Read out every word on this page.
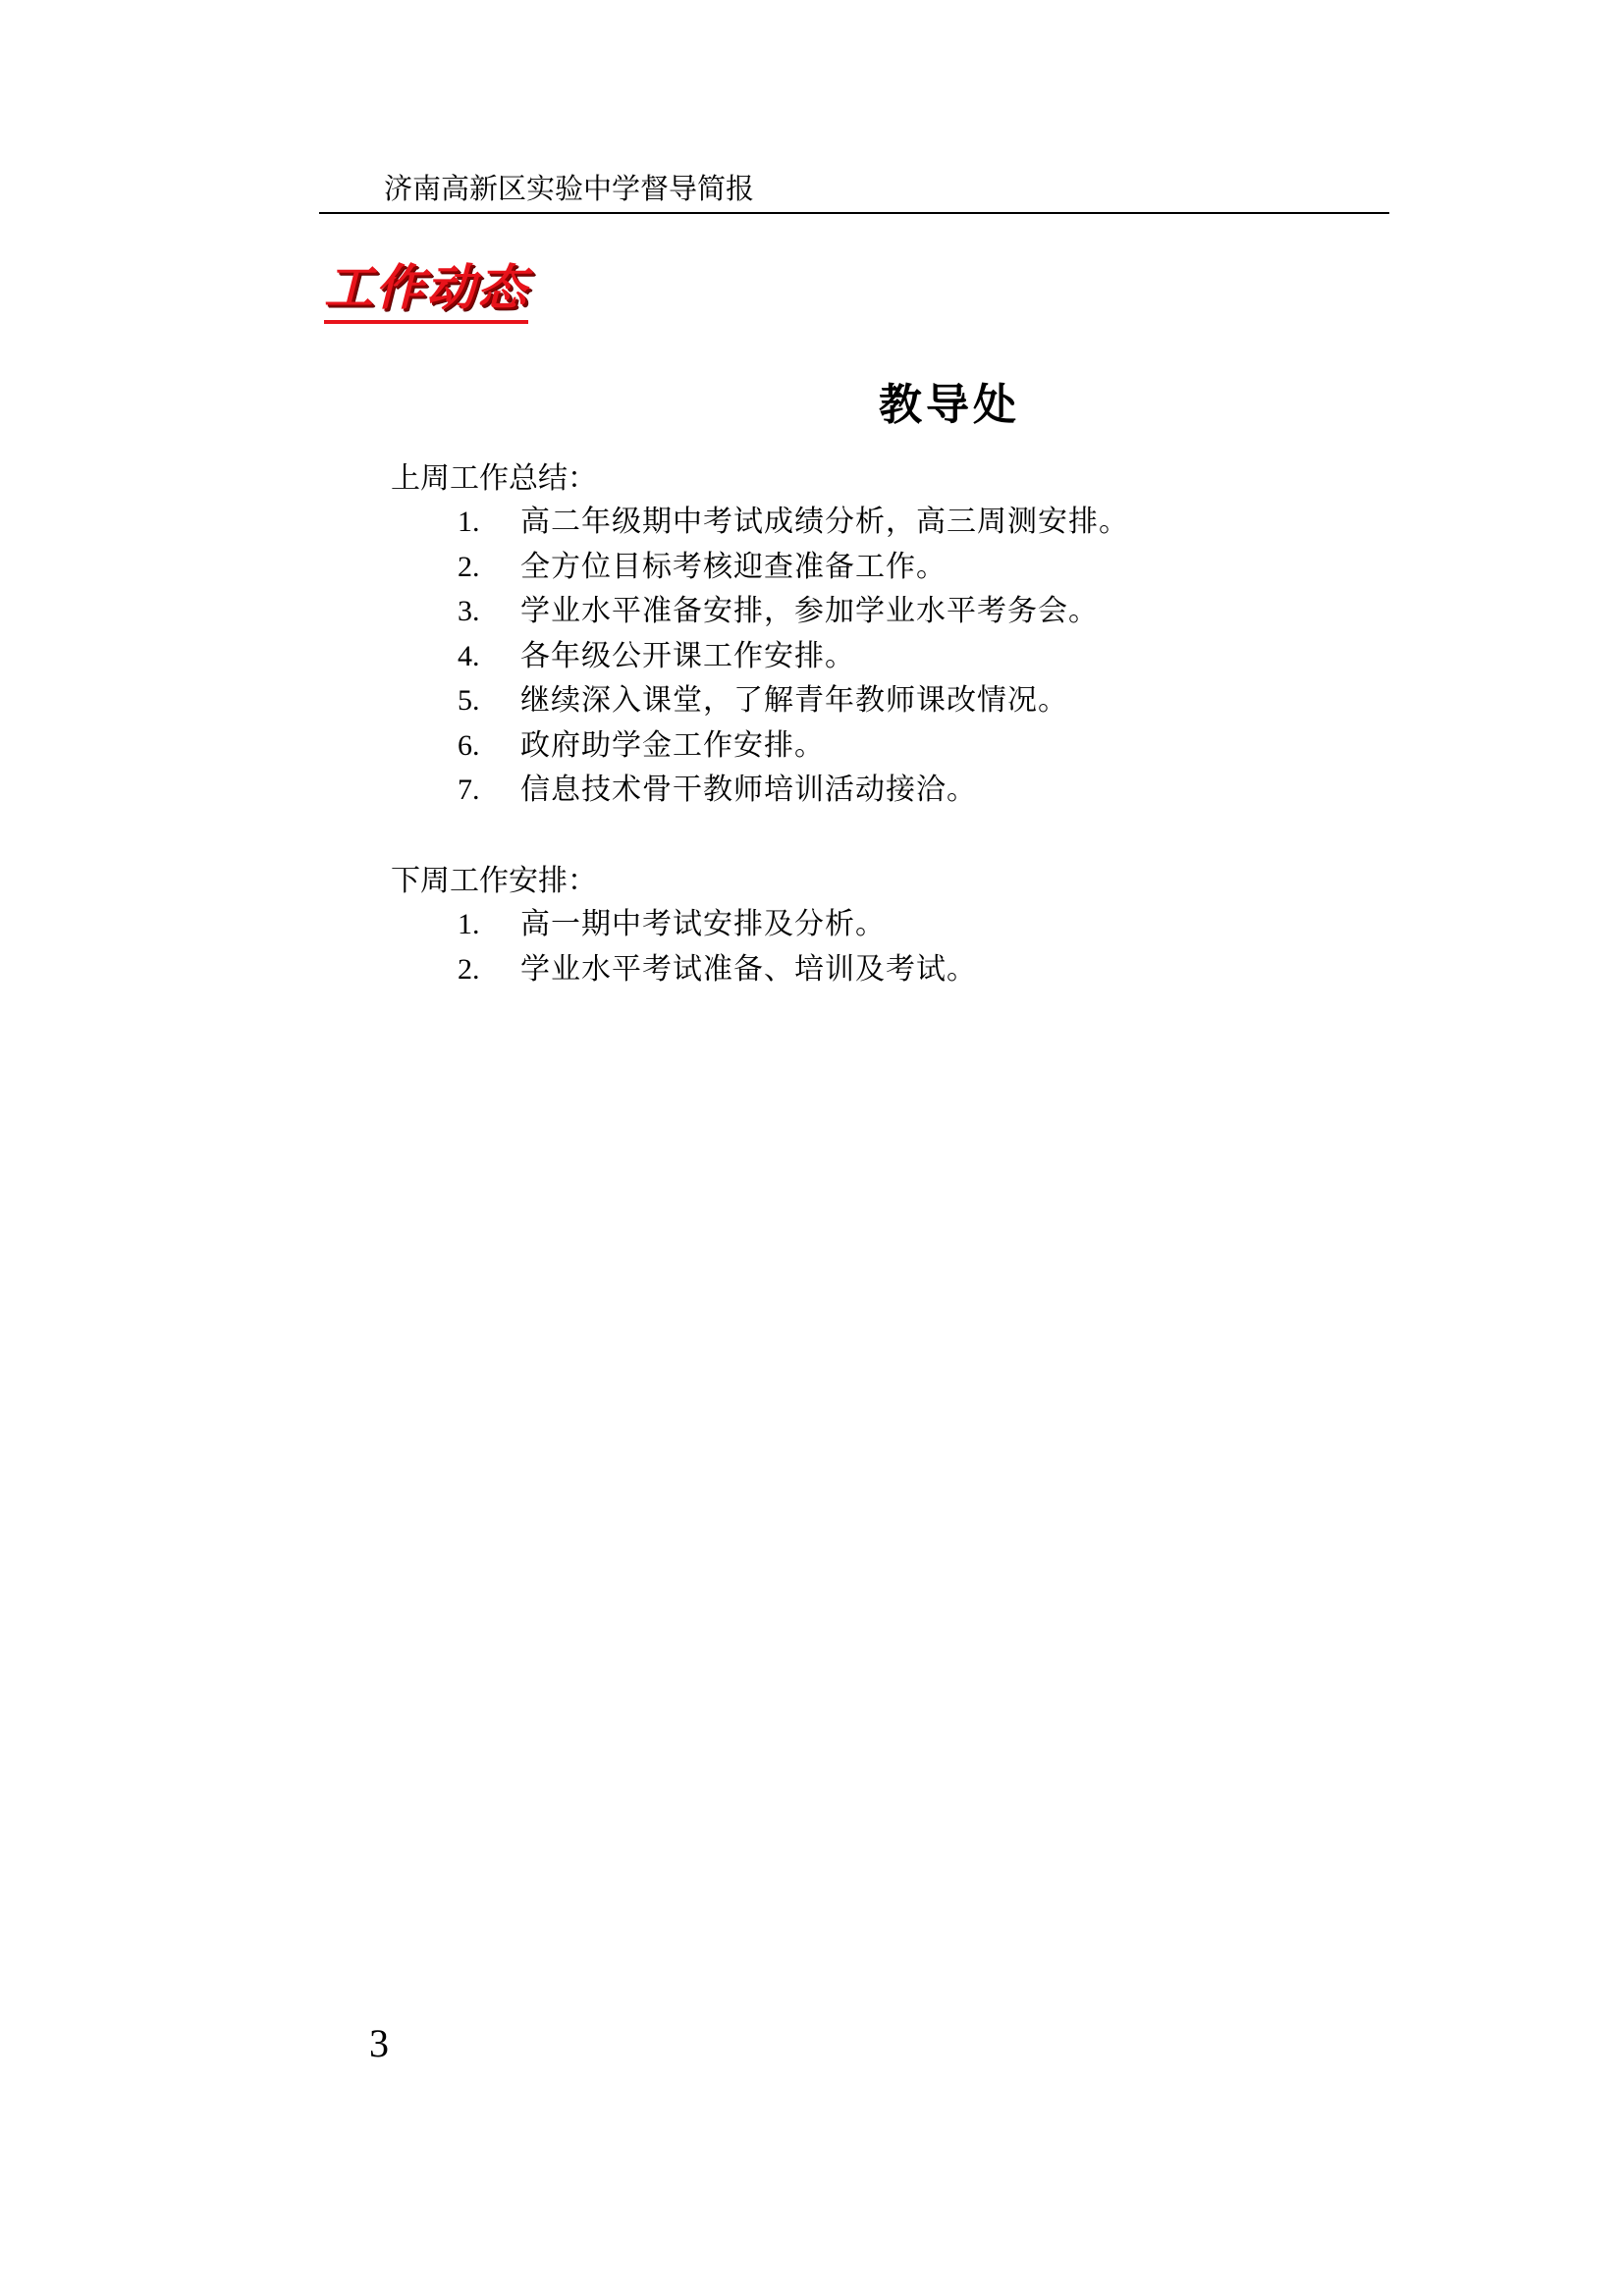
济南高新区实验中学督导简报
工作动态
教导处
上周工作总结：
1. 高二年级期中考试成绩分析，高三周测安排。
2. 全方位目标考核迎查准备工作。
3. 学业水平准备安排，参加学业水平考务会。
4. 各年级公开课工作安排。
5. 继续深入课堂，了解青年教师课改情况。
6. 政府助学金工作安排。
7. 信息技术骨干教师培训活动接洽。
下周工作安排：
1. 高一期中考试安排及分析。
2. 学业水平考试准备、培训及考试。
3
